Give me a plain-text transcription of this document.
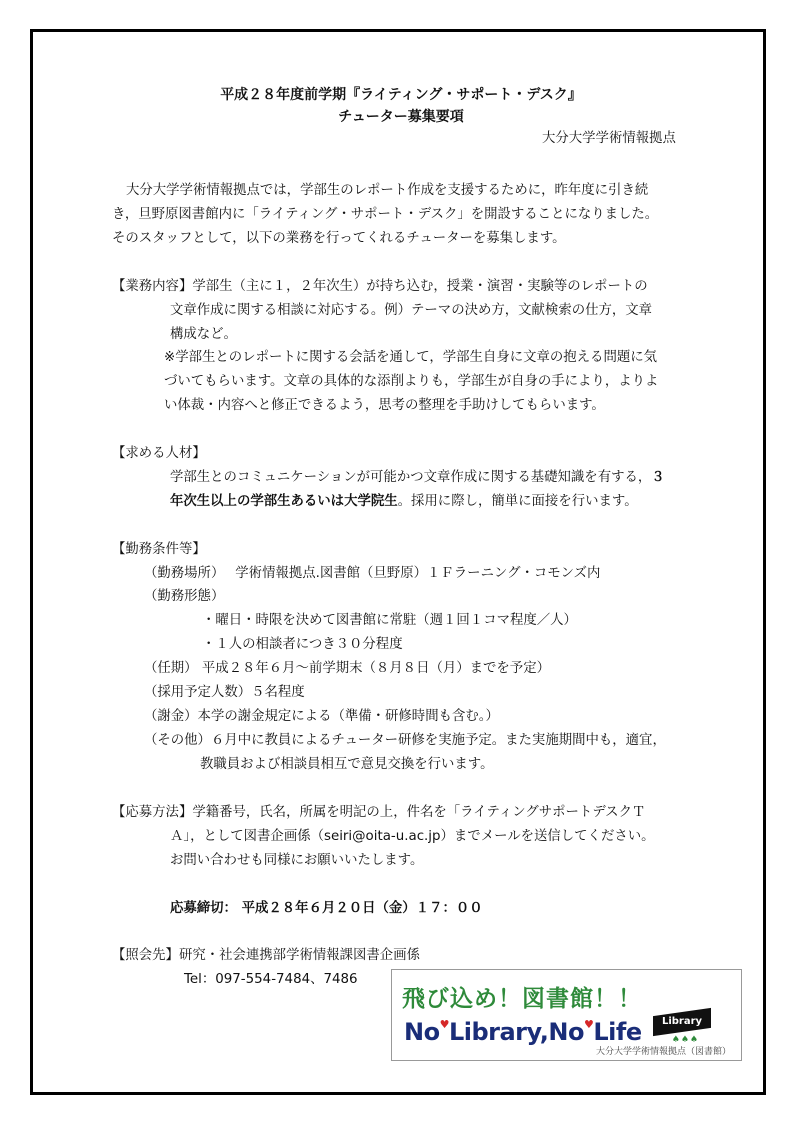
平成２８年度前学期『ライティング・サポート・デスク』
チューター募集要項
大分大学学術情報拠点
大分大学学術情報拠点では，学部生のレポート作成を支援するために，昨年度に引き続
き，旦野原図書館内に「ライティング・サポート・デスク」を開設することになりました。
そのスタッフとして，以下の業務を行ってくれるチューターを募集します。
【業務内容】学部生（主に１，２年次生）が持ち込む，授業・演習・実験等のレポートの
文章作成に関する相談に対応する。例）テーマの決め方，文献検索の仕方，文章
構成など。
※学部生とのレポートに関する会話を通して，学部生自身に文章の抱える問題に気
づいてもらいます。文章の具体的な添削よりも，学部生が自身の手により，よりよ
い体裁・内容へと修正できるよう，思考の整理を手助けしてもらいます。
【求める人材】
学部生とのコミュニケーションが可能かつ文章作成に関する基礎知識を有する，３
年次生以上の学部生あるいは大学院生。採用に際し，簡単に面接を行います。
【勤務条件等】
（勤務場所）　 学術情報拠点.図書館（旦野原）１Ｆラーニング・コモンズ内
（勤務形態）
・曜日・時限を決めて図書館に常駐（週１回１コマ程度／人）
・１人の相談者につき３０分程度
（任期） 平成２８年６月～前学期末（８月８日（月）までを予定）
（採用予定人数）５名程度
（謝金）本学の謝金規定による（準備・研修時間も含む。）
（その他）６月中に教員によるチューター研修を実施予定。また実施期間中も，適宜，
教職員および相談員相互で意見交換を行います。
【応募方法】学籍番号，氏名，所属を明記の上，件名を「ライティングサポートデスクＴ
Ａ」，として図書企画係（seiri@oita-u.ac.jp）までメールを送信してください。
お問い合わせも同様にお願いいたします。
応募締切： 平成２８年６月２０日（金）１７：００
【照会先】研究・社会連携部学術情報課図書企画係
Tel：097-554-7484、7486
飛び込め！図書館！！
No♥Library,No♥Life	Library
♠♠♠
大分大学学術情報拠点（図書館）
